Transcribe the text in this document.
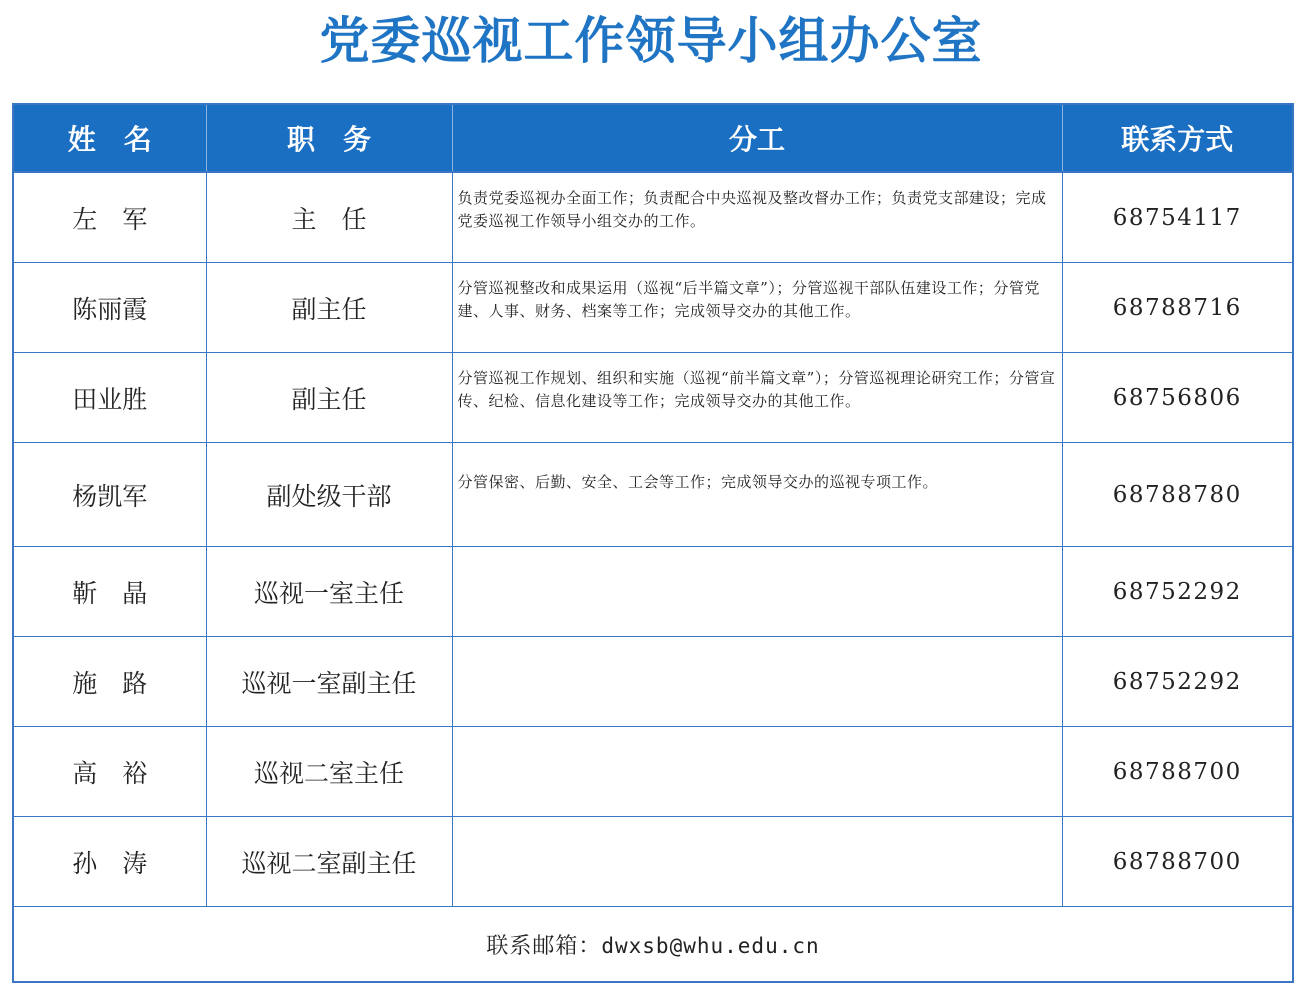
党委巡视工作领导小组办公室
姓　名	职　务	分工	联系方式
左　军	主　任	负责党委巡视办全面工作；负责配合中央巡视及整改督办工作；负责党支部建设；完成党委巡视工作领导小组交办的工作。	68754117
陈丽霞	副主任	分管巡视整改和成果运用（巡视“后半篇文章”）；分管巡视干部队伍建设工作；分管党建、人事、财务、档案等工作；完成领导交办的其他工作。	68788716
田业胜	副主任	分管巡视工作规划、组织和实施（巡视“前半篇文章”）；分管巡视理论研究工作；分管宣传、纪检、信息化建设等工作；完成领导交办的其他工作。	68756806
杨凯军	副处级干部	分管保密、后勤、安全、工会等工作；完成领导交办的巡视专项工作。	68788780
靳　晶	巡视一室主任		68752292
施　路	巡视一室副主任		68752292
高　裕	巡视二室主任		68788700
孙　涛	巡视二室副主任		68788700
联系邮箱：dwxsb@whu.edu.cn			
